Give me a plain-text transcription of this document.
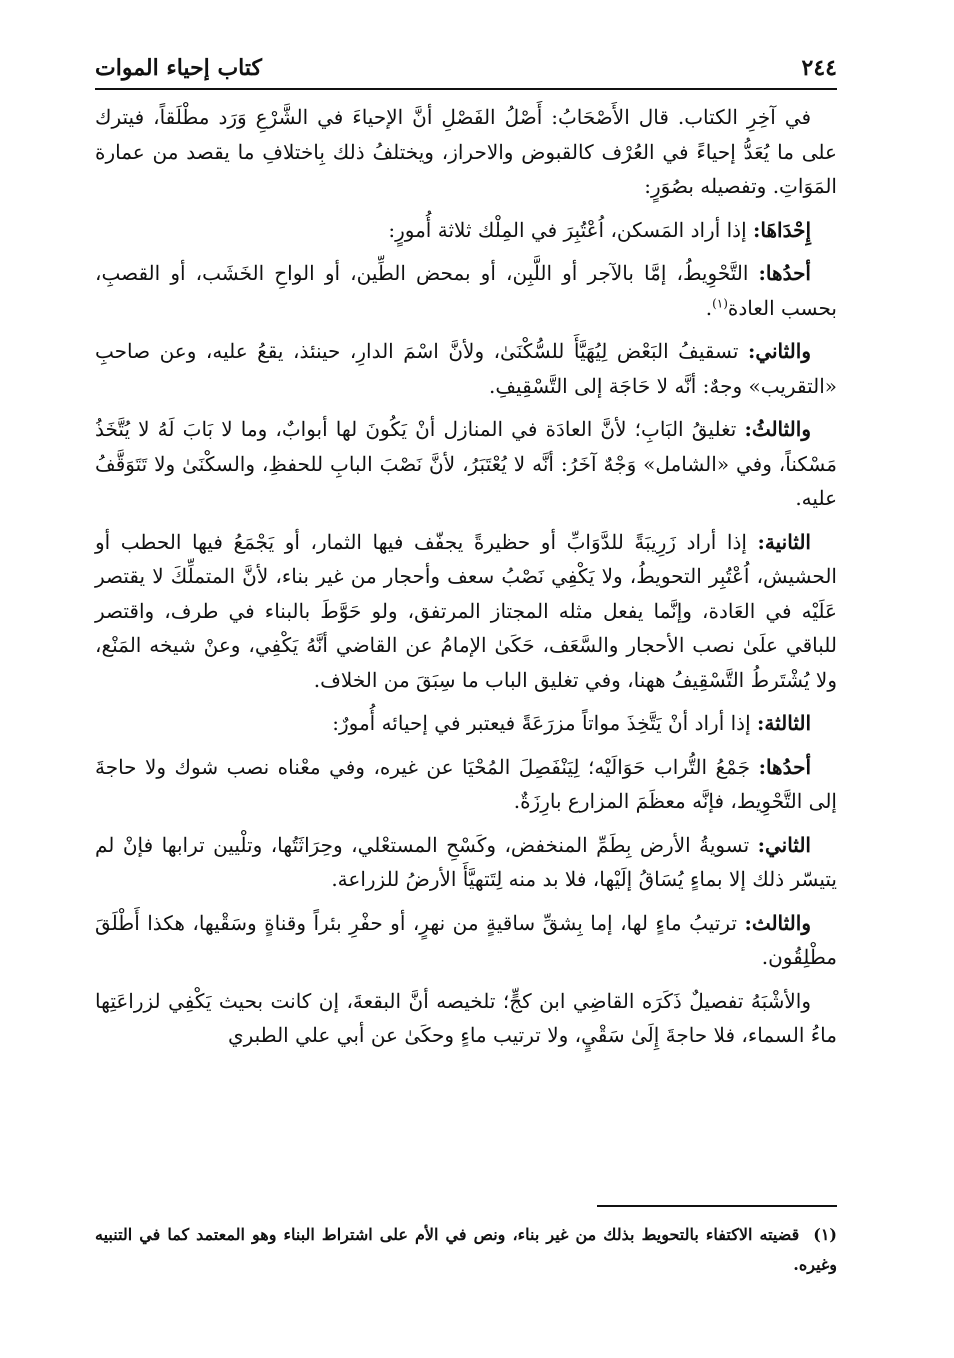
٢٤٤
كتاب إحياء الموات

في آخِرِ الكتاب. قال الأَصْحَابُ: أَصْلُ الفَصْلِ أنَّ الإحياءَ في الشَّرْعِ وَرَد مطْلَقاً، فيترك على ما يُعَدُّ إحياءً في العُرْف كالقبوض والاحراز، ويختلفُ ذلك بِاختلافِ ما يقصد من عمارة المَوَاتِ. وتفصيله بصُوَرٍ:

إِحْدَاهَا: إذا أراد المَسكن، اُعْتُبِرَ في المِلْك ثلاثة أُمورٍ:

أحدُها: التَّحْوِيطُ، إمَّا بالآجر أو اللَّبِن، أو بمحض الطِّين، أو الواحِ الخَشَب، أو القصبِ، بحسب العادة$^{(١)}$.

والثاني: تسقيفُ البَعْض لِيُهَيَّأَ للسُّكْنَىٰ، ولأنَّ اسْمَ الدارِ، حينئذ، يقعُ عليه، وعن صاحبِ «التقريب» وجهٌ: أنَّه لا حَاجَة إلى التَّسْقِيفِ.

والثالثُ: تغليقُ البَابِ؛ لأنَّ العادَة في المنازل أنْ يَكُونَ لها أبوابٌ، وما لا بَابَ لَهُ لا يُتَّخَذُ مَسْكناً، وفي «الشامل» وَجْهٌ آخَرُ: أنَّه لا يُعْتَبَرُ، لأنَّ نَصْبَ البابِ للحفظِ، والسكْنَىٰ ولا تَتَوَقَّفُ عليه.

الثانية: إذا أراد زَرِيبَةً للدَّوَابِّ أو حظيرةً يجفّف فيها الثمار، أو يَجْمَعُ فيها الحطب أو الحشيش، اُعْتُبِر التحويطُ، ولا يَكْفِي نَصْبُ سعف وأحجار من غير بناء، لأنَّ المتملِّكَ لا يقتصر عَلَيْه في العَادة، وإنَّما يفعل مثله المجتاز المرتفق، ولو حَوَّطَ بالبناء في طرف، واقتصر للباقي علَىٰ نصب الأحجار والسَّعَف، حَكَىٰ الإمامُ عن القاضي أنَّهُ يَكْفِي، وعنْ شيخه المَنْع، ولا يُشْتَرطُ التَّسْقِيفُ ههنا، وفي تغليق الباب ما سِبَقَ من الخلاف.

الثالثة: إذا أراد أنْ يَتَّخِذَ مواتاً مزرَعَةً فيعتبر في إحيائه أُمورٌ:

أحدُها: جَمْعُ التُّراب حَوَالَيْه؛ لِيَنْفَصِلَ المُحْيَا عن غيره، وفي معْناه نصب شوك ولا حاجةَ إلى التَّحْوِيط، فإنَّه معظَمَ المزارع بارِزَةٌ.

الثاني: تسويةُ الأرض بِطَمِّ المنخفض، وكَسْحِ المستعْلي، وحِرَاثَتُها، وتلْيين ترابها فإنْ لم يتيسّر ذلك إلا بماءٍ يُسَاقُ إلَيْها، فلا بد منه لِتَتهيَّأَ الأرضُ للزراعة.

والثالث: ترتيبُ ماءٍ لها، إما بِشقِّ ساقيةٍ من نهرٍ، أو حفْرِ بئراً وقناةٍ وسَقْيها، هكذا أَطْلَقَ مطْلِقُون.

والأشْبَهُ تفصيلٌ ذَكَرَه القاضِي ابن كجٍّ؛ تلخيصه أنَّ البقعةَ، إن كانت بحيث يَكْفِي لزراعَتِها ماءُ السماء، فلا حاجةَ إِلَىٰ سَقْيٍ، ولا ترتيب ماءٍ وحكَىٰ عن أبي علي الطبري

(١)قضيته الاكتفاء بالتحويط بذلك من غير بناء، ونص في الأم على اشتراط البناء وهو المعتمد كما في التنبيه وغيره.
